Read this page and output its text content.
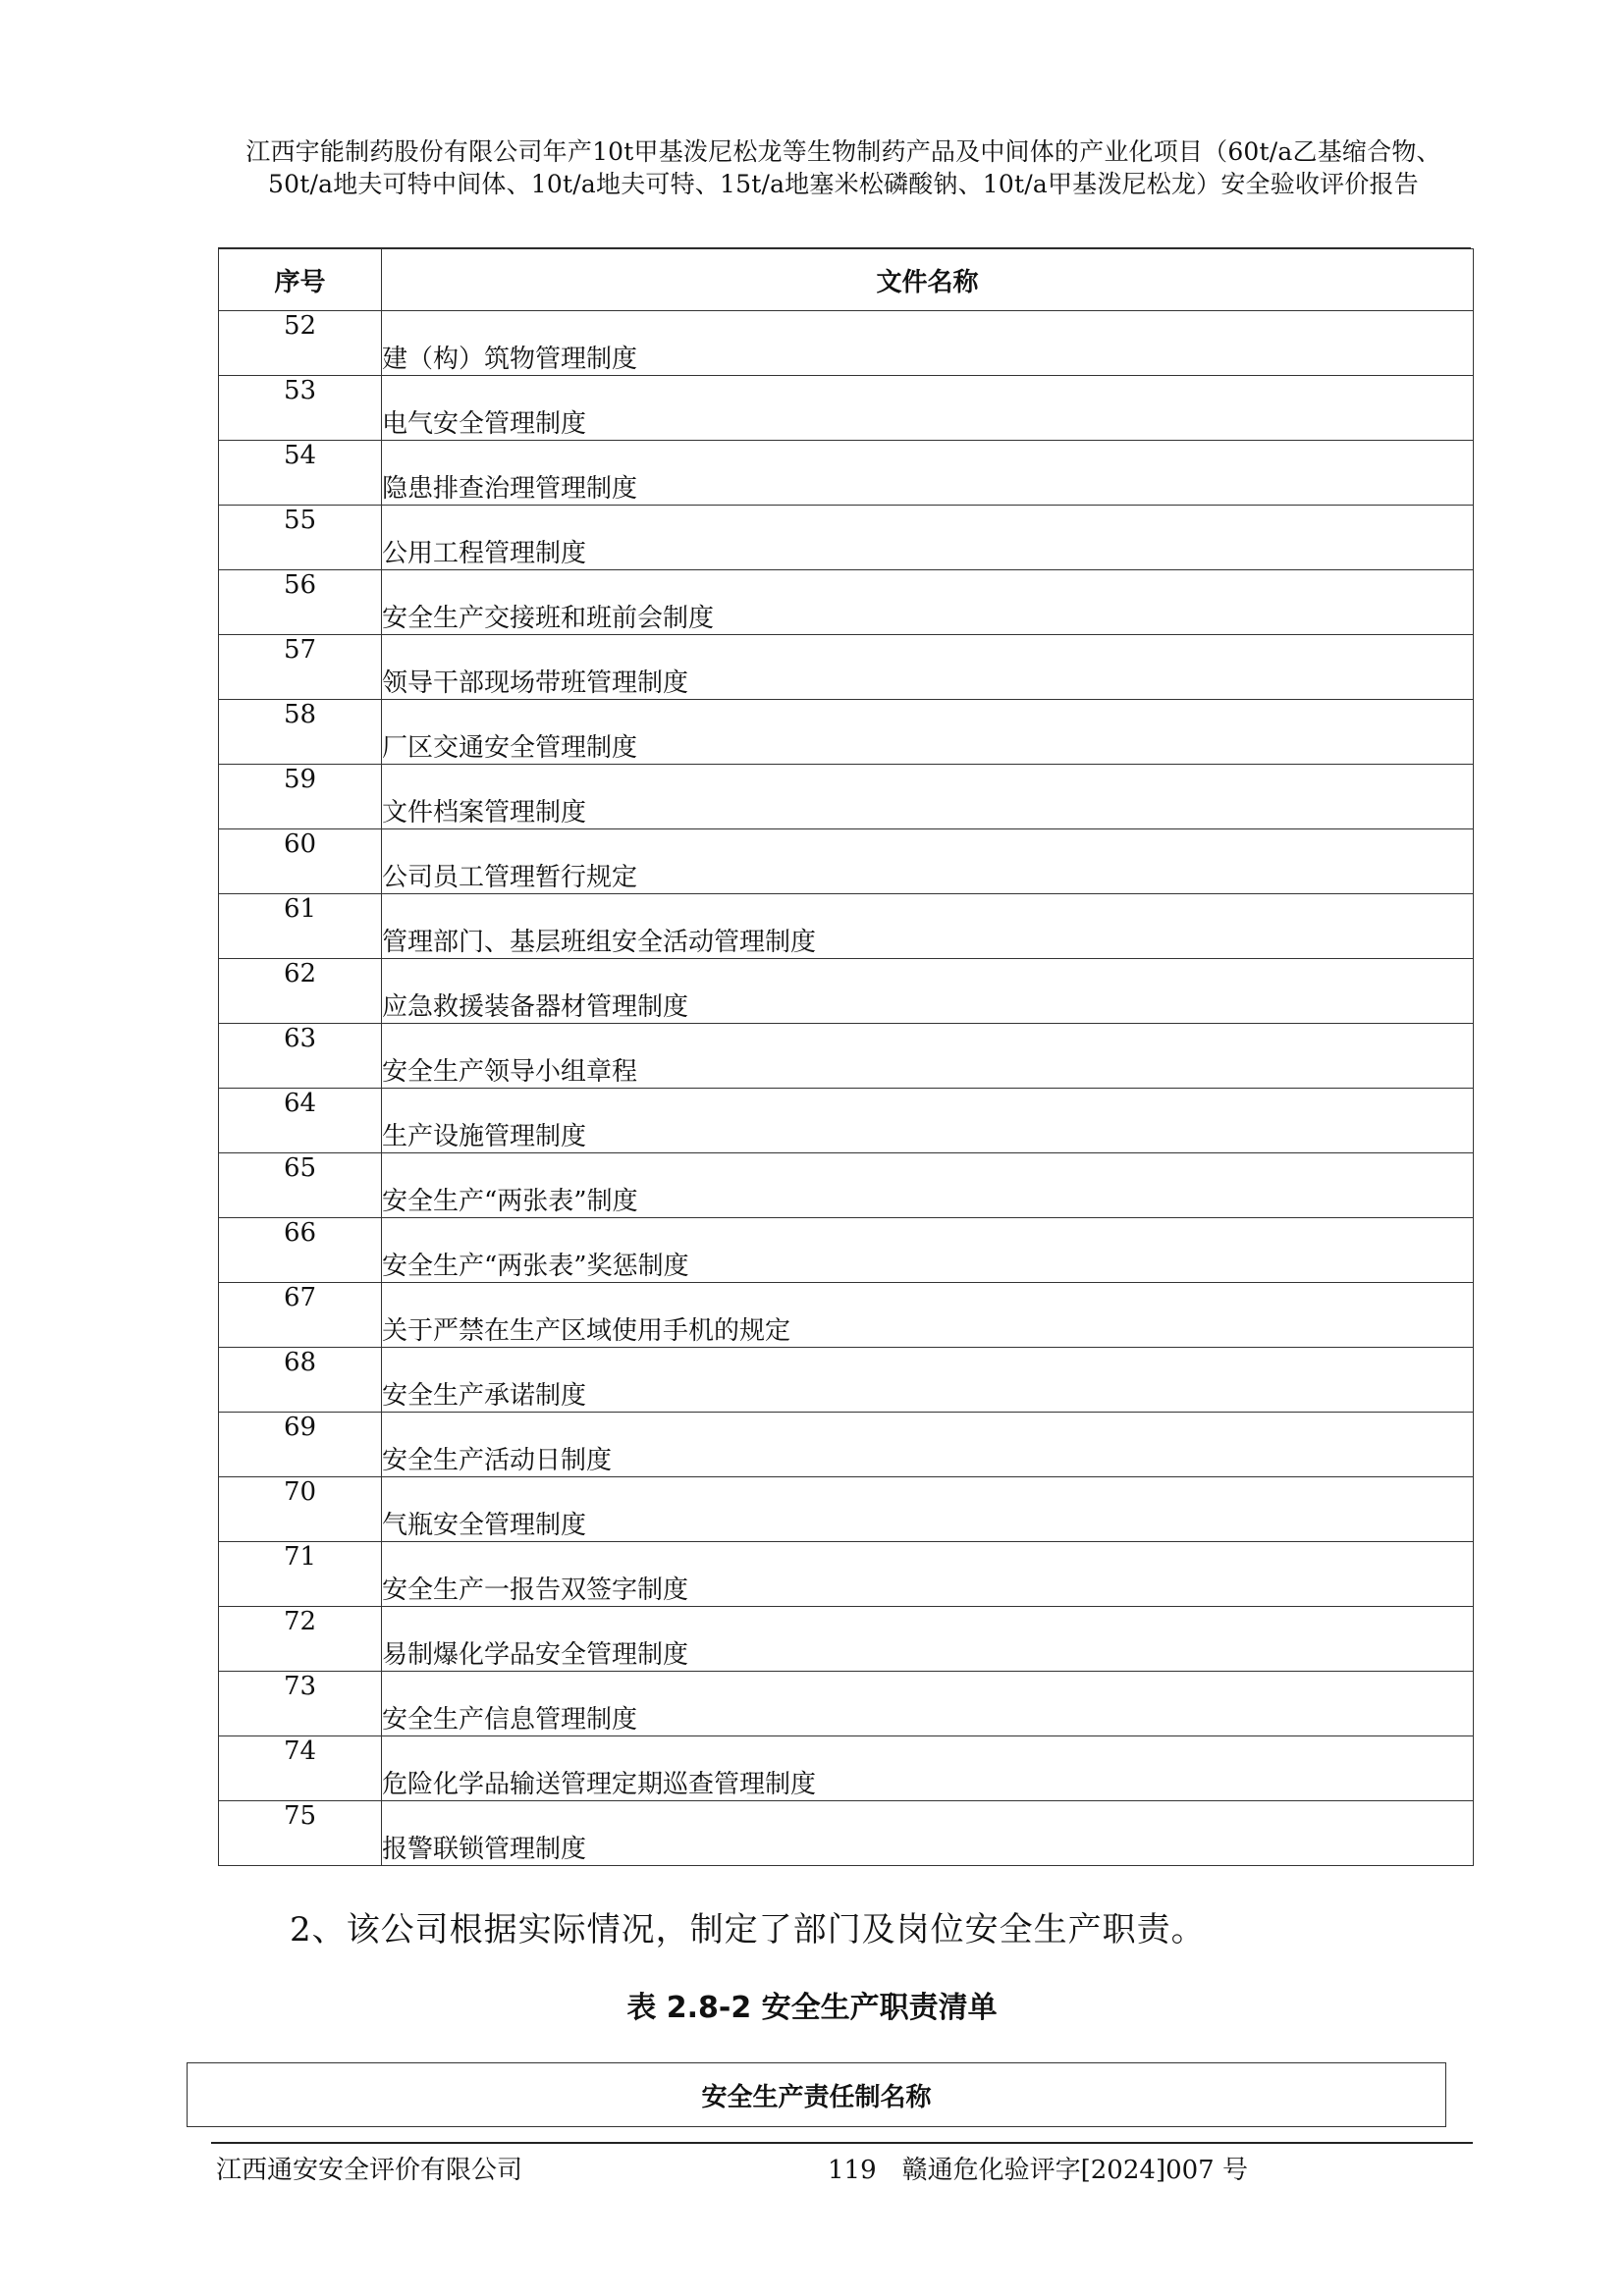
江西宇能制药股份有限公司年产10t甲基泼尼松龙等生物制药产品及中间体的产业化项目（60t/a乙基缩合物、50t/a地夫可特中间体、10t/a地夫可特、15t/a地塞米松磷酸钠、10t/a甲基泼尼松龙）安全验收评价报告
序号	文件名称
52	建（构）筑物管理制度
53	电气安全管理制度
54	隐患排查治理管理制度
55	公用工程管理制度
56	安全生产交接班和班前会制度
57	领导干部现场带班管理制度
58	厂区交通安全管理制度
59	文件档案管理制度
60	公司员工管理暂行规定
61	管理部门、基层班组安全活动管理制度
62	应急救援装备器材管理制度
63	安全生产领导小组章程
64	生产设施管理制度
65	安全生产“两张表”制度
66	安全生产“两张表”奖惩制度
67	关于严禁在生产区域使用手机的规定
68	安全生产承诺制度
69	安全生产活动日制度
70	气瓶安全管理制度
71	安全生产一报告双签字制度
72	易制爆化学品安全管理制度
73	安全生产信息管理制度
74	危险化学品输送管理定期巡查管理制度
75	报警联锁管理制度
2、该公司根据实际情况，制定了部门及岗位安全生产职责。
表 2.8-2 安全生产职责清单
安全生产责任制名称
江西通安安全评价有限公司	119　赣通危化验评字[2024]007 号
